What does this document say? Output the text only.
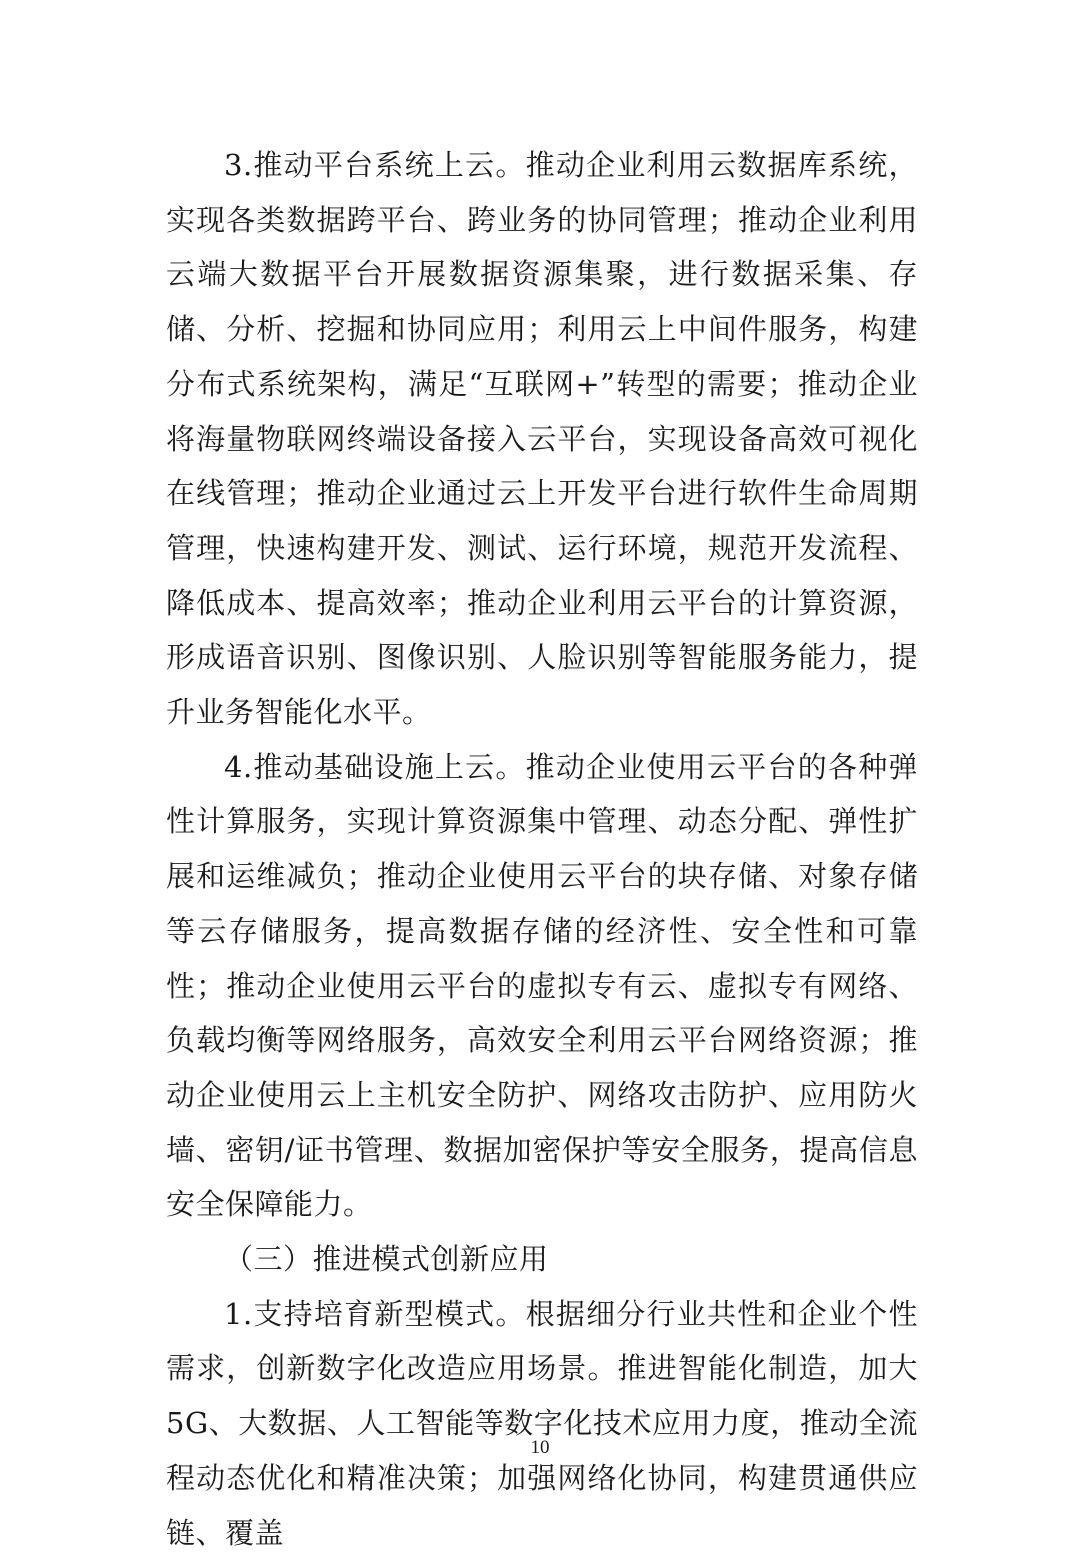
3.推动平台系统上云。推动企业利用云数据库系统，实现各类数据跨平台、跨业务的协同管理；推动企业利用云端大数据平台开展数据资源集聚，进行数据采集、存储、分析、挖掘和协同应用；利用云上中间件服务，构建分布式系统架构，满足“互联网+”转型的需要；推动企业将海量物联网终端设备接入云平台，实现设备高效可视化在线管理；推动企业通过云上开发平台进行软件生命周期管理，快速构建开发、测试、运行环境，规范开发流程、降低成本、提高效率；推动企业利用云平台的计算资源，形成语音识别、图像识别、人脸识别等智能服务能力，提升业务智能化水平。

4.推动基础设施上云。推动企业使用云平台的各种弹性计算服务，实现计算资源集中管理、动态分配、弹性扩展和运维减负；推动企业使用云平台的块存储、对象存储等云存储服务，提高数据存储的经济性、安全性和可靠性；推动企业使用云平台的虚拟专有云、虚拟专有网络、负载均衡等网络服务，高效安全利用云平台网络资源；推动企业使用云上主机安全防护、网络攻击防护、应用防火墙、密钥/证书管理、数据加密保护等安全服务，提高信息安全保障能力。

（三）推进模式创新应用

1.支持培育新型模式。根据细分行业共性和企业个性需求，创新数字化改造应用场景。推进智能化制造，加大5G、大数据、人工智能等数字化技术应用力度，推动全流程动态优化和精准决策；加强网络化协同，构建贯通供应链、覆盖

10
